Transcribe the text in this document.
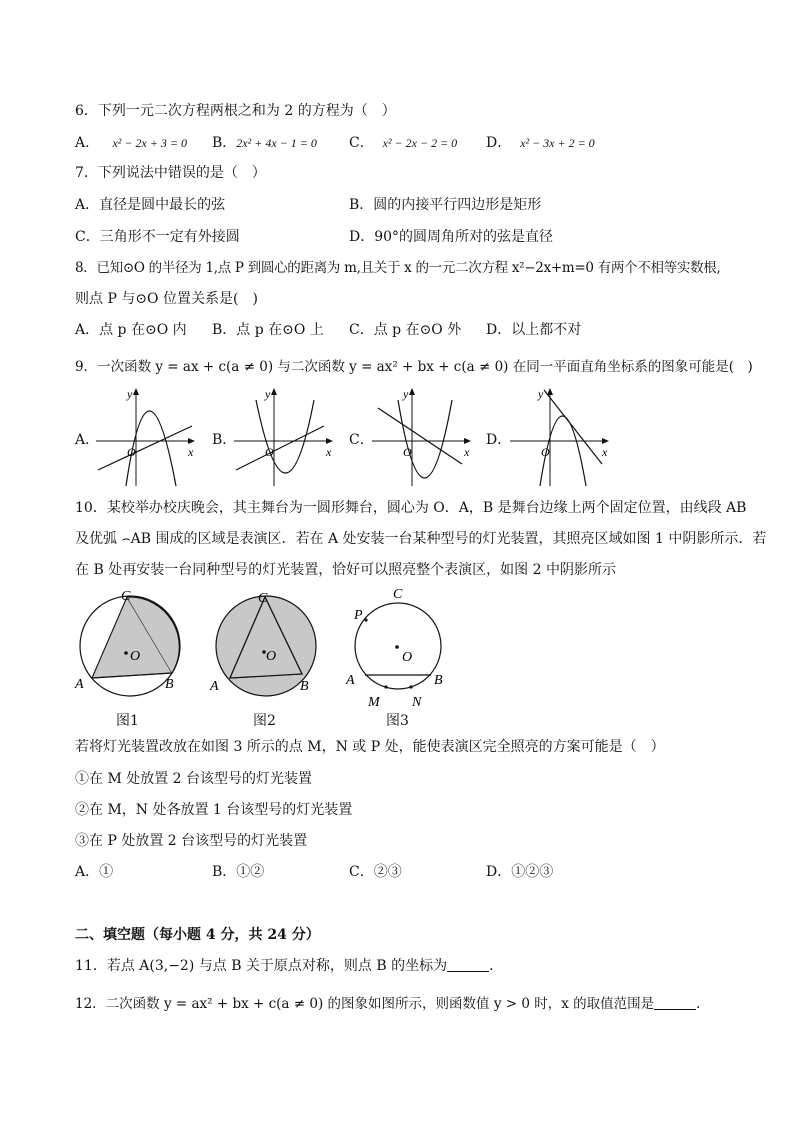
6．下列一元二次方程两根之和为 2 的方程为（　）
A． x² − 2x + 3 = 0 B．2x² + 4x − 1 = 0 C． x² − 2x − 2 = 0 D． x² − 3x + 2 = 0
7．下列说法中错误的是（　）
A．直径是圆中最长的弦	B．圆的内接平行四边形是矩形
C．三角形不一定有外接圆	D．90°的圆周角所对的弦是直径
8．已知⊙O 的半径为 1,点 P 到圆心的距离为 m,且关于 x 的一元二次方程 x²−2x+m=0 有两个不相等实数根,
则点 P 与⊙O 位置关系是(　)
A．点 p 在⊙O 内 B．点 p 在⊙O 上 C．点 p 在⊙O 外 D．以上都不对
9．一次函数 y = ax + c(a ≠ 0) 与二次函数 y = ax² + bx + c(a ≠ 0) 在同一平面直角坐标系的图象可能是(　)
A．	B．	C．	D．
y
x
O
y
x
O
y
x
O
y
x
O
10．某校举办校庆晚会，其主舞台为一圆形舞台，圆心为 O．A，B 是舞台边缘上两个固定位置，由线段 AB
及优弧 ⌢AB 围成的区域是表演区．若在 A 处安装一台某种型号的灯光装置，其照亮区域如图 1 中阴影所示．若
在 B 处再安装一台同种型号的灯光装置，恰好可以照亮整个表演区，如图 2 中阴影所示
C
O
A	B
图1
C
O
A	B
图2
C
P
O
A	B
M N
图3
若将灯光装置改放在如图 3 所示的点 M，N 或 P 处，能使表演区完全照亮的方案可能是（　）
①在 M 处放置 2 台该型号的灯光装置
②在 M，N 处各放置 1 台该型号的灯光装置
③在 P 处放置 2 台该型号的灯光装置
A．①	B．①②	C．②③	D．①②③
二、填空题（每小题 4 分，共 24 分）
11．若点 A(3,−2) 与点 B 关于原点对称，则点 B 的坐标为	．
12．二次函数 y = ax² + bx + c(a ≠ 0) 的图象如图所示，则函数值 y > 0 时，x 的取值范围是	．
